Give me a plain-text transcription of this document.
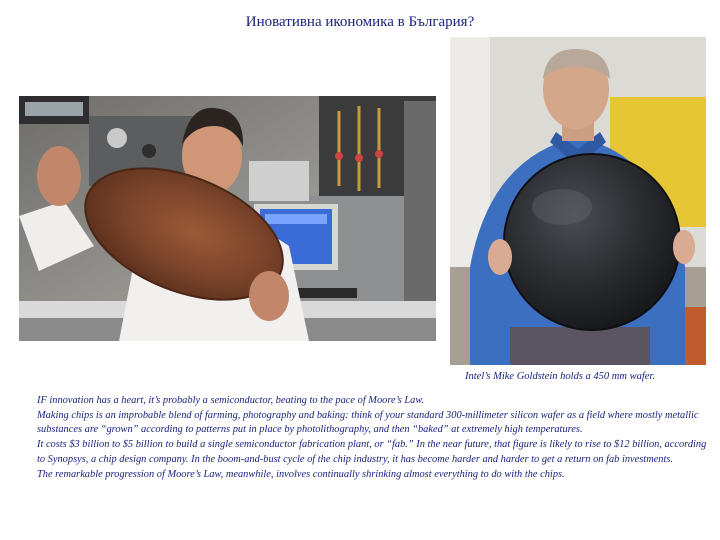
Иновативна икономика в България?
Intel’s Mike Goldstein holds a 450 mm wafer.

IF innovation has a heart, it’s probably a semiconductor, beating to the pace of Moore’s Law.

Making chips is an improbable blend of farming, photography and baking: think of your standard 300-millimeter silicon wafer as a field where mostly metallic substances are “grown” according to patterns put in place by photolithography, and then “baked” at extremely high temperatures.

It costs $3 billion to $5 billion to build a single semiconductor fabrication plant, or “fab.” In the near future, that figure is likely to rise to $12 billion, according to Synopsys, a chip design company. In the boom-and-bust cycle of the chip industry, it has become harder and harder to get a return on fab investments.

The remarkable progression of Moore’s Law, meanwhile, involves continually shrinking almost everything to do with the chips.
